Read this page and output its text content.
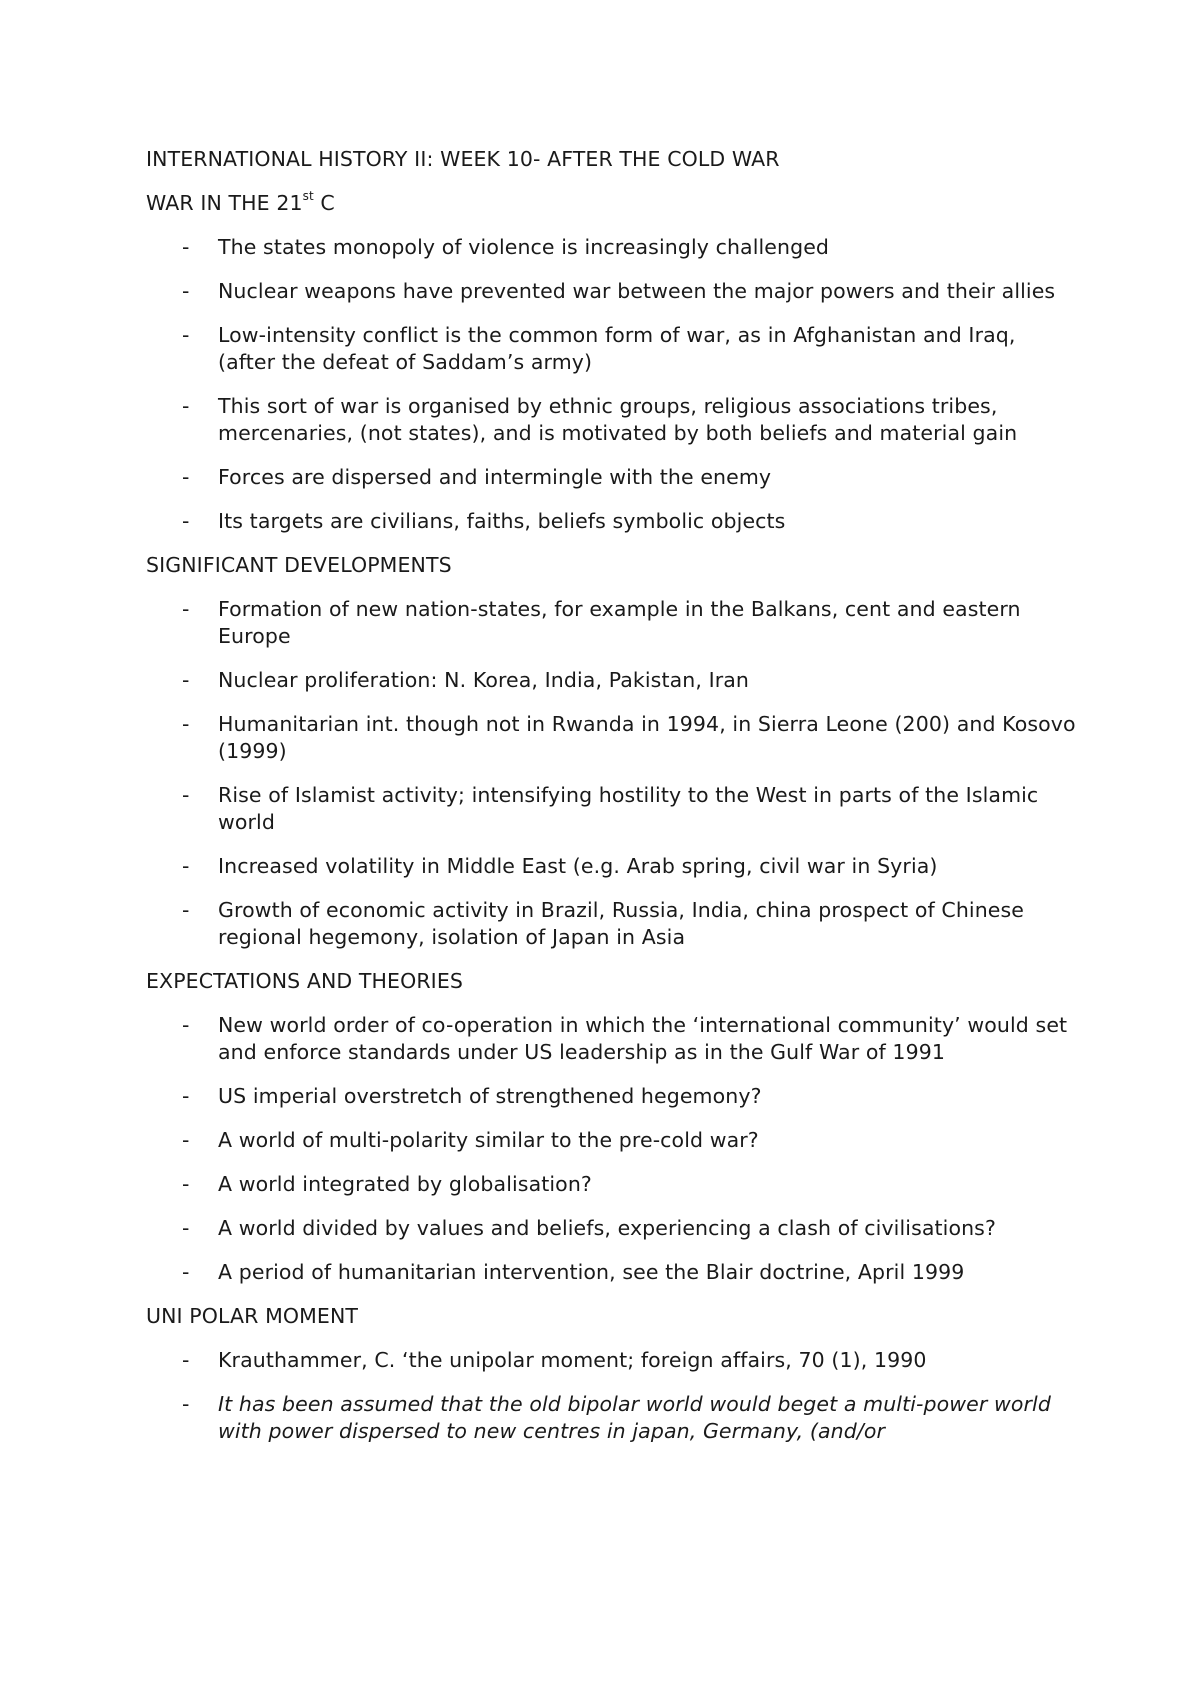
INTERNATIONAL HISTORY II: WEEK 10- AFTER THE COLD WAR
WAR IN THE 21st C
- The states monopoly of violence is increasingly challenged
- Nuclear weapons have prevented war between the major powers and their allies
- Low-intensity conflict is the common form of war, as in Afghanistan and Iraq, (after the defeat of Saddam’s army)
- This sort of war is organised by ethnic groups, religious associations tribes, mercenaries, (not states), and is motivated by both beliefs and material gain
- Forces are dispersed and intermingle with the enemy
- Its targets are civilians, faiths, beliefs symbolic objects
SIGNIFICANT DEVELOPMENTS
- Formation of new nation-states, for example in the Balkans, cent and eastern Europe
- Nuclear proliferation: N. Korea, India, Pakistan, Iran
- Humanitarian int. though not in Rwanda in 1994, in Sierra Leone (200) and Kosovo (1999)
- Rise of Islamist activity; intensifying hostility to the West in parts of the Islamic world
- Increased volatility in Middle East (e.g. Arab spring, civil war in Syria)
- Growth of economic activity in Brazil, Russia, India, china prospect of Chinese regional hegemony, isolation of Japan in Asia
EXPECTATIONS AND THEORIES
- New world order of co-operation in which the ‘international community’ would set and enforce standards under US leadership as in the Gulf War of 1991
- US imperial overstretch of strengthened hegemony?
- A world of multi-polarity similar to the pre-cold war?
- A world integrated by globalisation?
- A world divided by values and beliefs, experiencing a clash of civilisations?
- A period of humanitarian intervention, see the Blair doctrine, April 1999
UNI POLAR MOMENT
- Krauthammer, C. ‘the unipolar moment; foreign affairs, 70 (1), 1990
- It has been assumed that the old bipolar world would beget a multi-power world with power dispersed to new centres in japan, Germany, (and/or
